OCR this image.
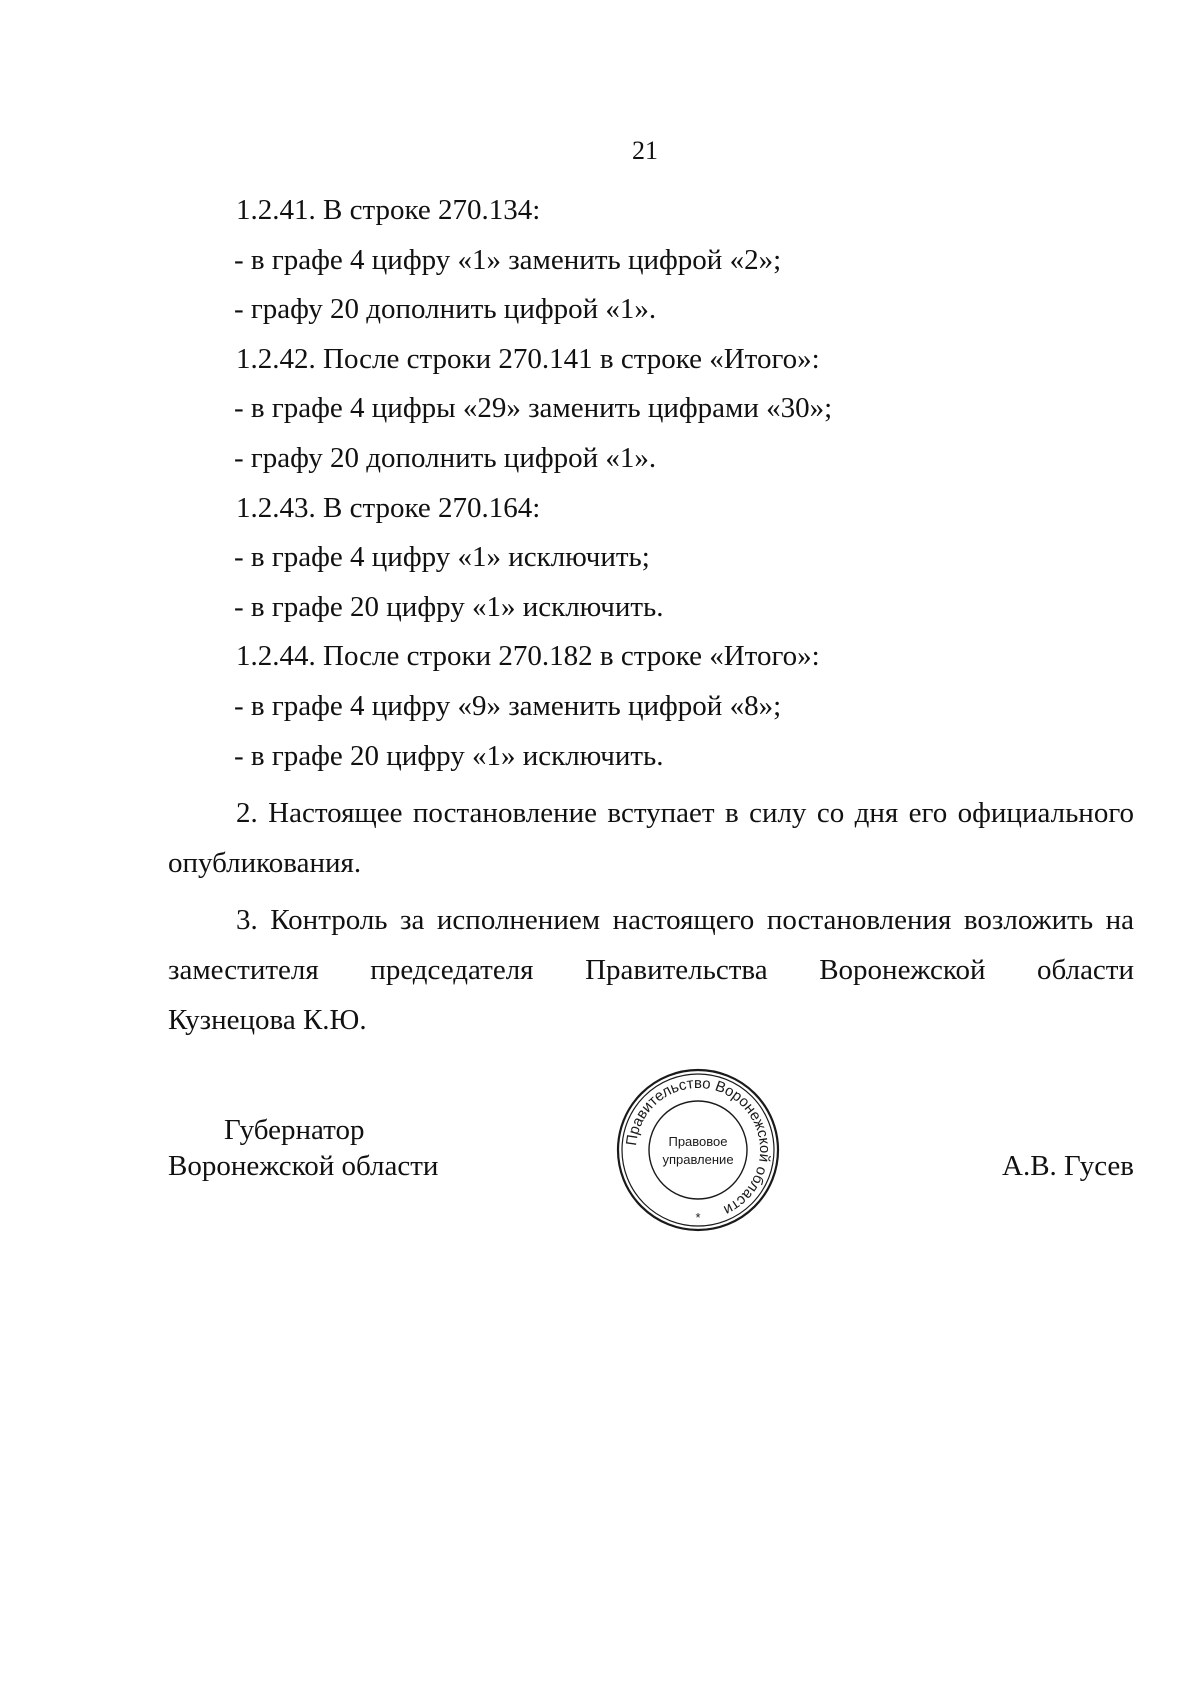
21
1.2.41. В строке 270.134:
- в графе 4 цифру «1» заменить цифрой «2»;
- графу 20 дополнить цифрой «1».
1.2.42. После строки 270.141 в строке «Итого»:
- в графе 4 цифры «29» заменить цифрами «30»;
- графу 20 дополнить цифрой «1».
1.2.43. В строке 270.164:
- в графе 4 цифру «1» исключить;
- в графе 20 цифру «1» исключить.
1.2.44. После строки 270.182 в строке «Итого»:
- в графе 4 цифру «9» заменить цифрой «8»;
- в графе 20 цифру «1» исключить.
2. Настоящее постановление вступает в силу со дня его официального
опубликования.
3. Контроль за исполнением настоящего постановления возложить на
заместителя председателя Правительства Воронежской области
Кузнецова К.Ю.
Губернатор
Воронежской области	А.В. Гусев
Правительство Воронежской области
Правовое
управление
*
